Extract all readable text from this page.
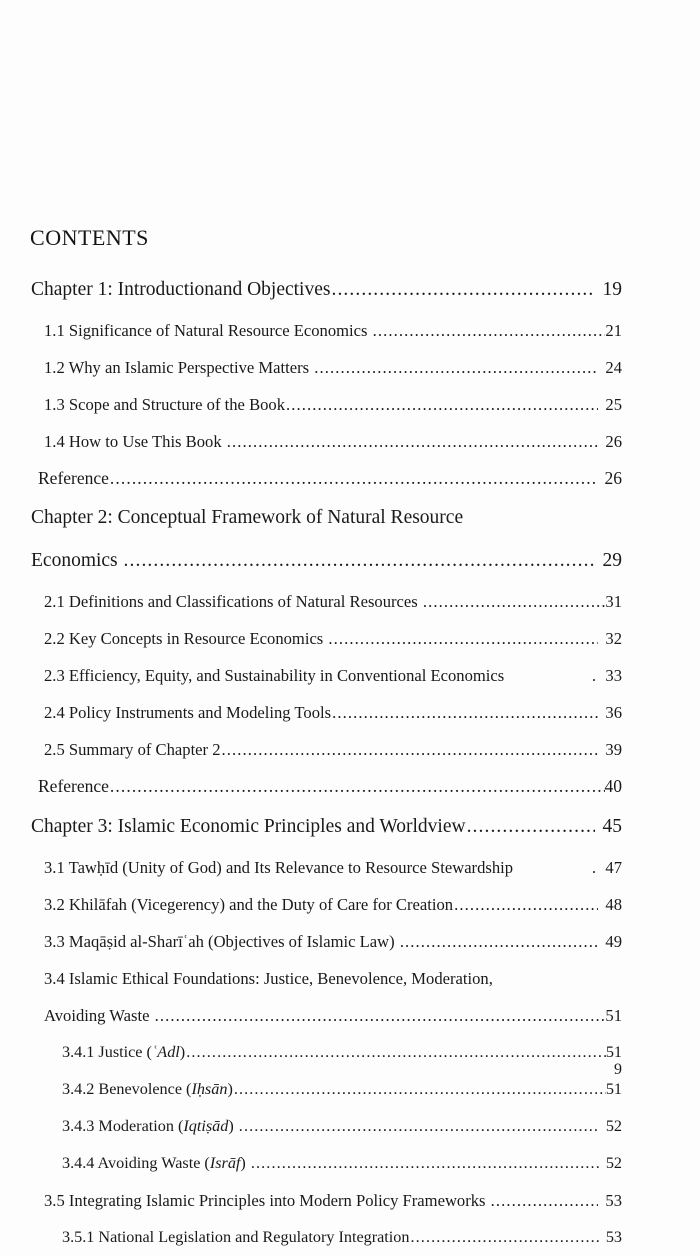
contents
Chapter 1: Introductionand Objectives .....	19
1.1 Significance of Natural Resource Economics .....	21
1.2 Why an Islamic Perspective Matters .....	24
1.3 Scope and Structure of the Book .....	25
1.4 How to Use This Book .....	26
Reference .....	26
Chapter 2: Conceptual Framework of Natural Resource
Economics .....	29
2.1 Definitions and Classifications of Natural Resources .....	31
2.2 Key Concepts in Resource Economics .....	32
2.3 Efficiency, Equity, and Sustainability in Conventional Economics .	33
2.4 Policy Instruments and Modeling Tools .....	36
2.5 Summary of Chapter 2 .....	39
Reference .....	40
Chapter 3: Islamic Economic Principles and Worldview .....	45
3.1 Tawḥīd (Unity of God) and Its Relevance to Resource Stewardship .	47
3.2 Khilāfah (Vicegerency) and the Duty of Care for Creation .....	48
3.3 Maqāṣid al-Sharīʿah (Objectives of Islamic Law) .....	49
3.4 Islamic Ethical Foundations: Justice, Benevolence, Moderation,
Avoiding Waste .....	51
3.4.1 Justice (ʿAdl) .....	51
3.4.2 Benevolence (Iḥsān) .....	51
3.4.3 Moderation (Iqtiṣād) .....	52
3.4.4 Avoiding Waste (Isrāf) .....	52
3.5 Integrating Islamic Principles into Modern Policy Frameworks .....	53
3.5.1 National Legislation and Regulatory Integration .....	53
9
